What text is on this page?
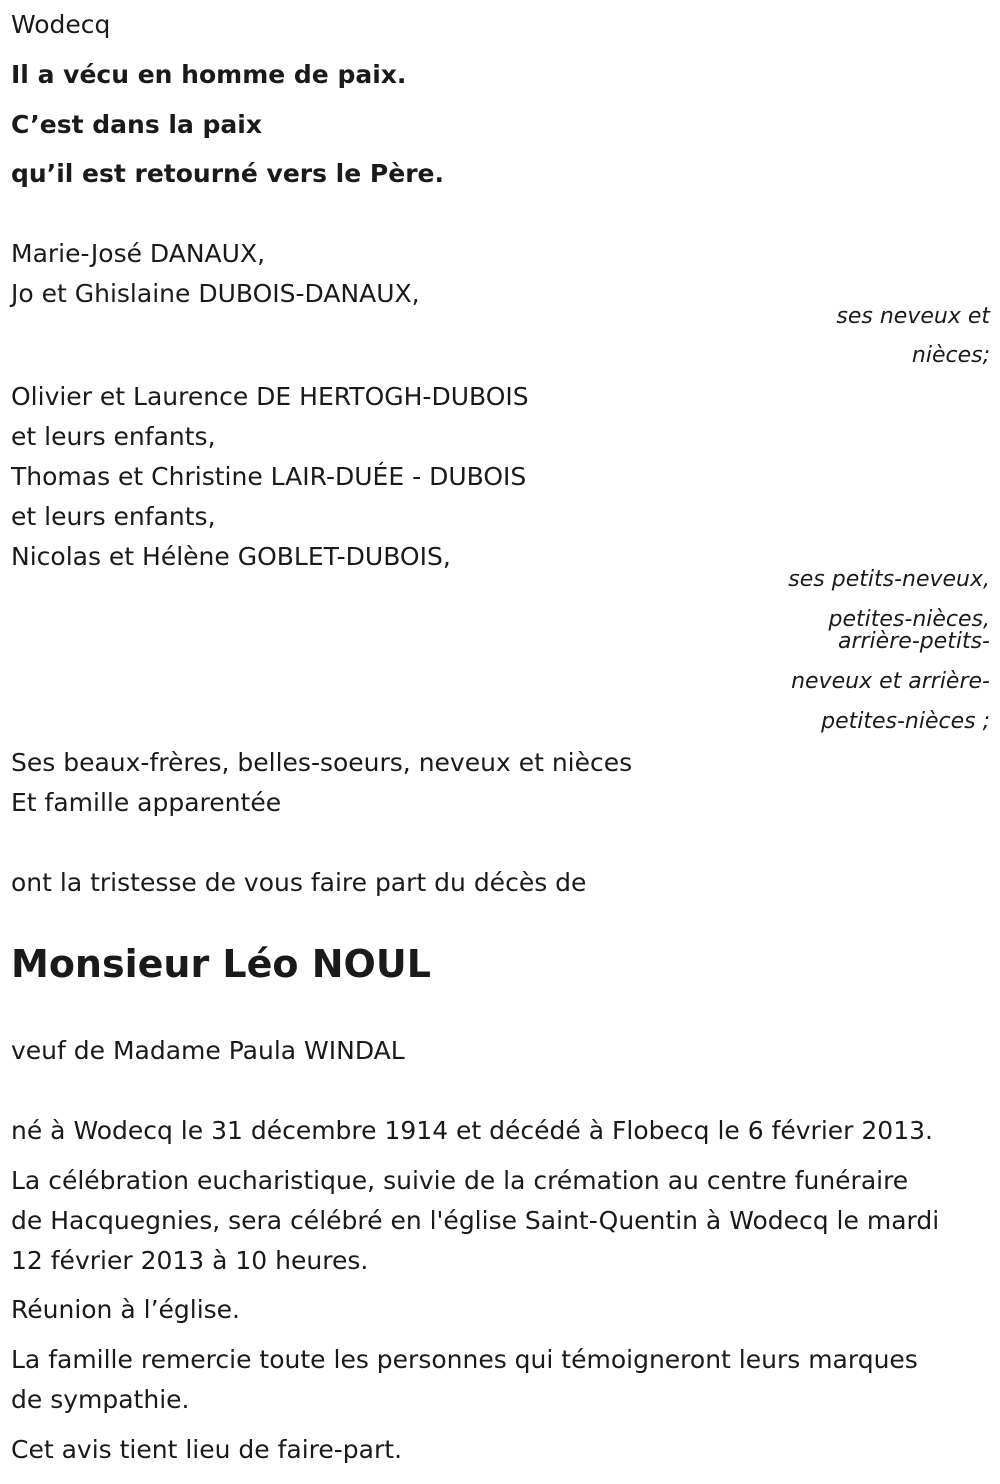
Wodecq
Il a vécu en homme de paix.
C’est dans la paix
qu’il est retourné vers le Père.
Marie-José DANAUX,
Jo et Ghislaine DUBOIS-DANAUX,
ses neveux et
nièces;
Olivier et Laurence DE HERTOGH-DUBOIS
et leurs enfants,
Thomas et Christine LAIR-DUÉE - DUBOIS
et leurs enfants,
Nicolas et Hélène GOBLET-DUBOIS,
ses petits-neveux,
petites-nièces,
arrière-petits-
neveux et arrière-
petites-nièces ;
Ses beaux-frères, belles-soeurs, neveux et nièces
Et famille apparentée
ont la tristesse de vous faire part du décès de
Monsieur Léo NOUL
veuf de Madame Paula WINDAL
né à Wodecq le 31 décembre 1914 et décédé à Flobecq le 6 février 2013.
La célébration eucharistique, suivie de la crémation au centre funéraire
de Hacquegnies, sera célébré en l'église Saint-Quentin à Wodecq le mardi
12 février 2013 à 10 heures.
Réunion à l’église.
La famille remercie toute les personnes qui témoigneront leurs marques
de sympathie.
Cet avis tient lieu de faire-part.
